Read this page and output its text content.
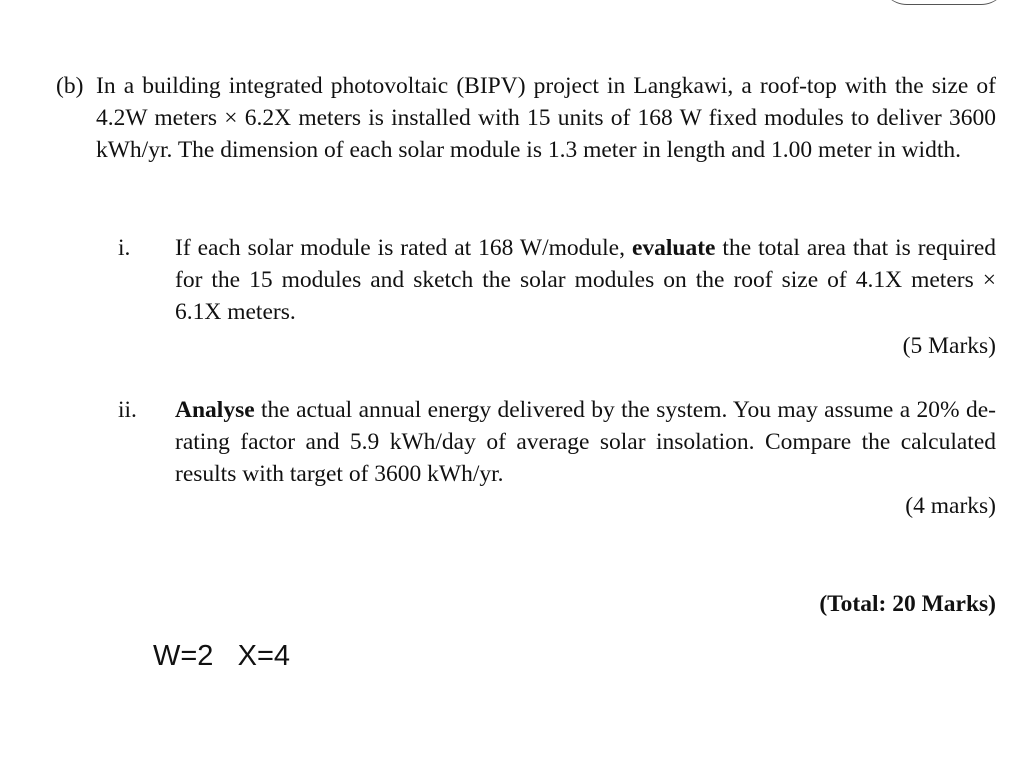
(b) In a building integrated photovoltaic (BIPV) project in Langkawi, a roof-top with the size of 4.2W meters × 6.2X meters is installed with 15 units of 168 W fixed modules to deliver 3600 kWh/yr. The dimension of each solar module is 1.3 meter in length and 1.00 meter in width.
i. If each solar module is rated at 168 W/module, evaluate the total area that is required for the 15 modules and sketch the solar modules on the roof size of 4.1X meters × 6.1X meters.
(5 Marks)
ii. Analyse the actual annual energy delivered by the system. You may assume a 20% de-rating factor and 5.9 kWh/day of average solar insolation. Compare the calculated results with target of 3600 kWh/yr.
(4 marks)
(Total: 20 Marks)
W=2   X=4
